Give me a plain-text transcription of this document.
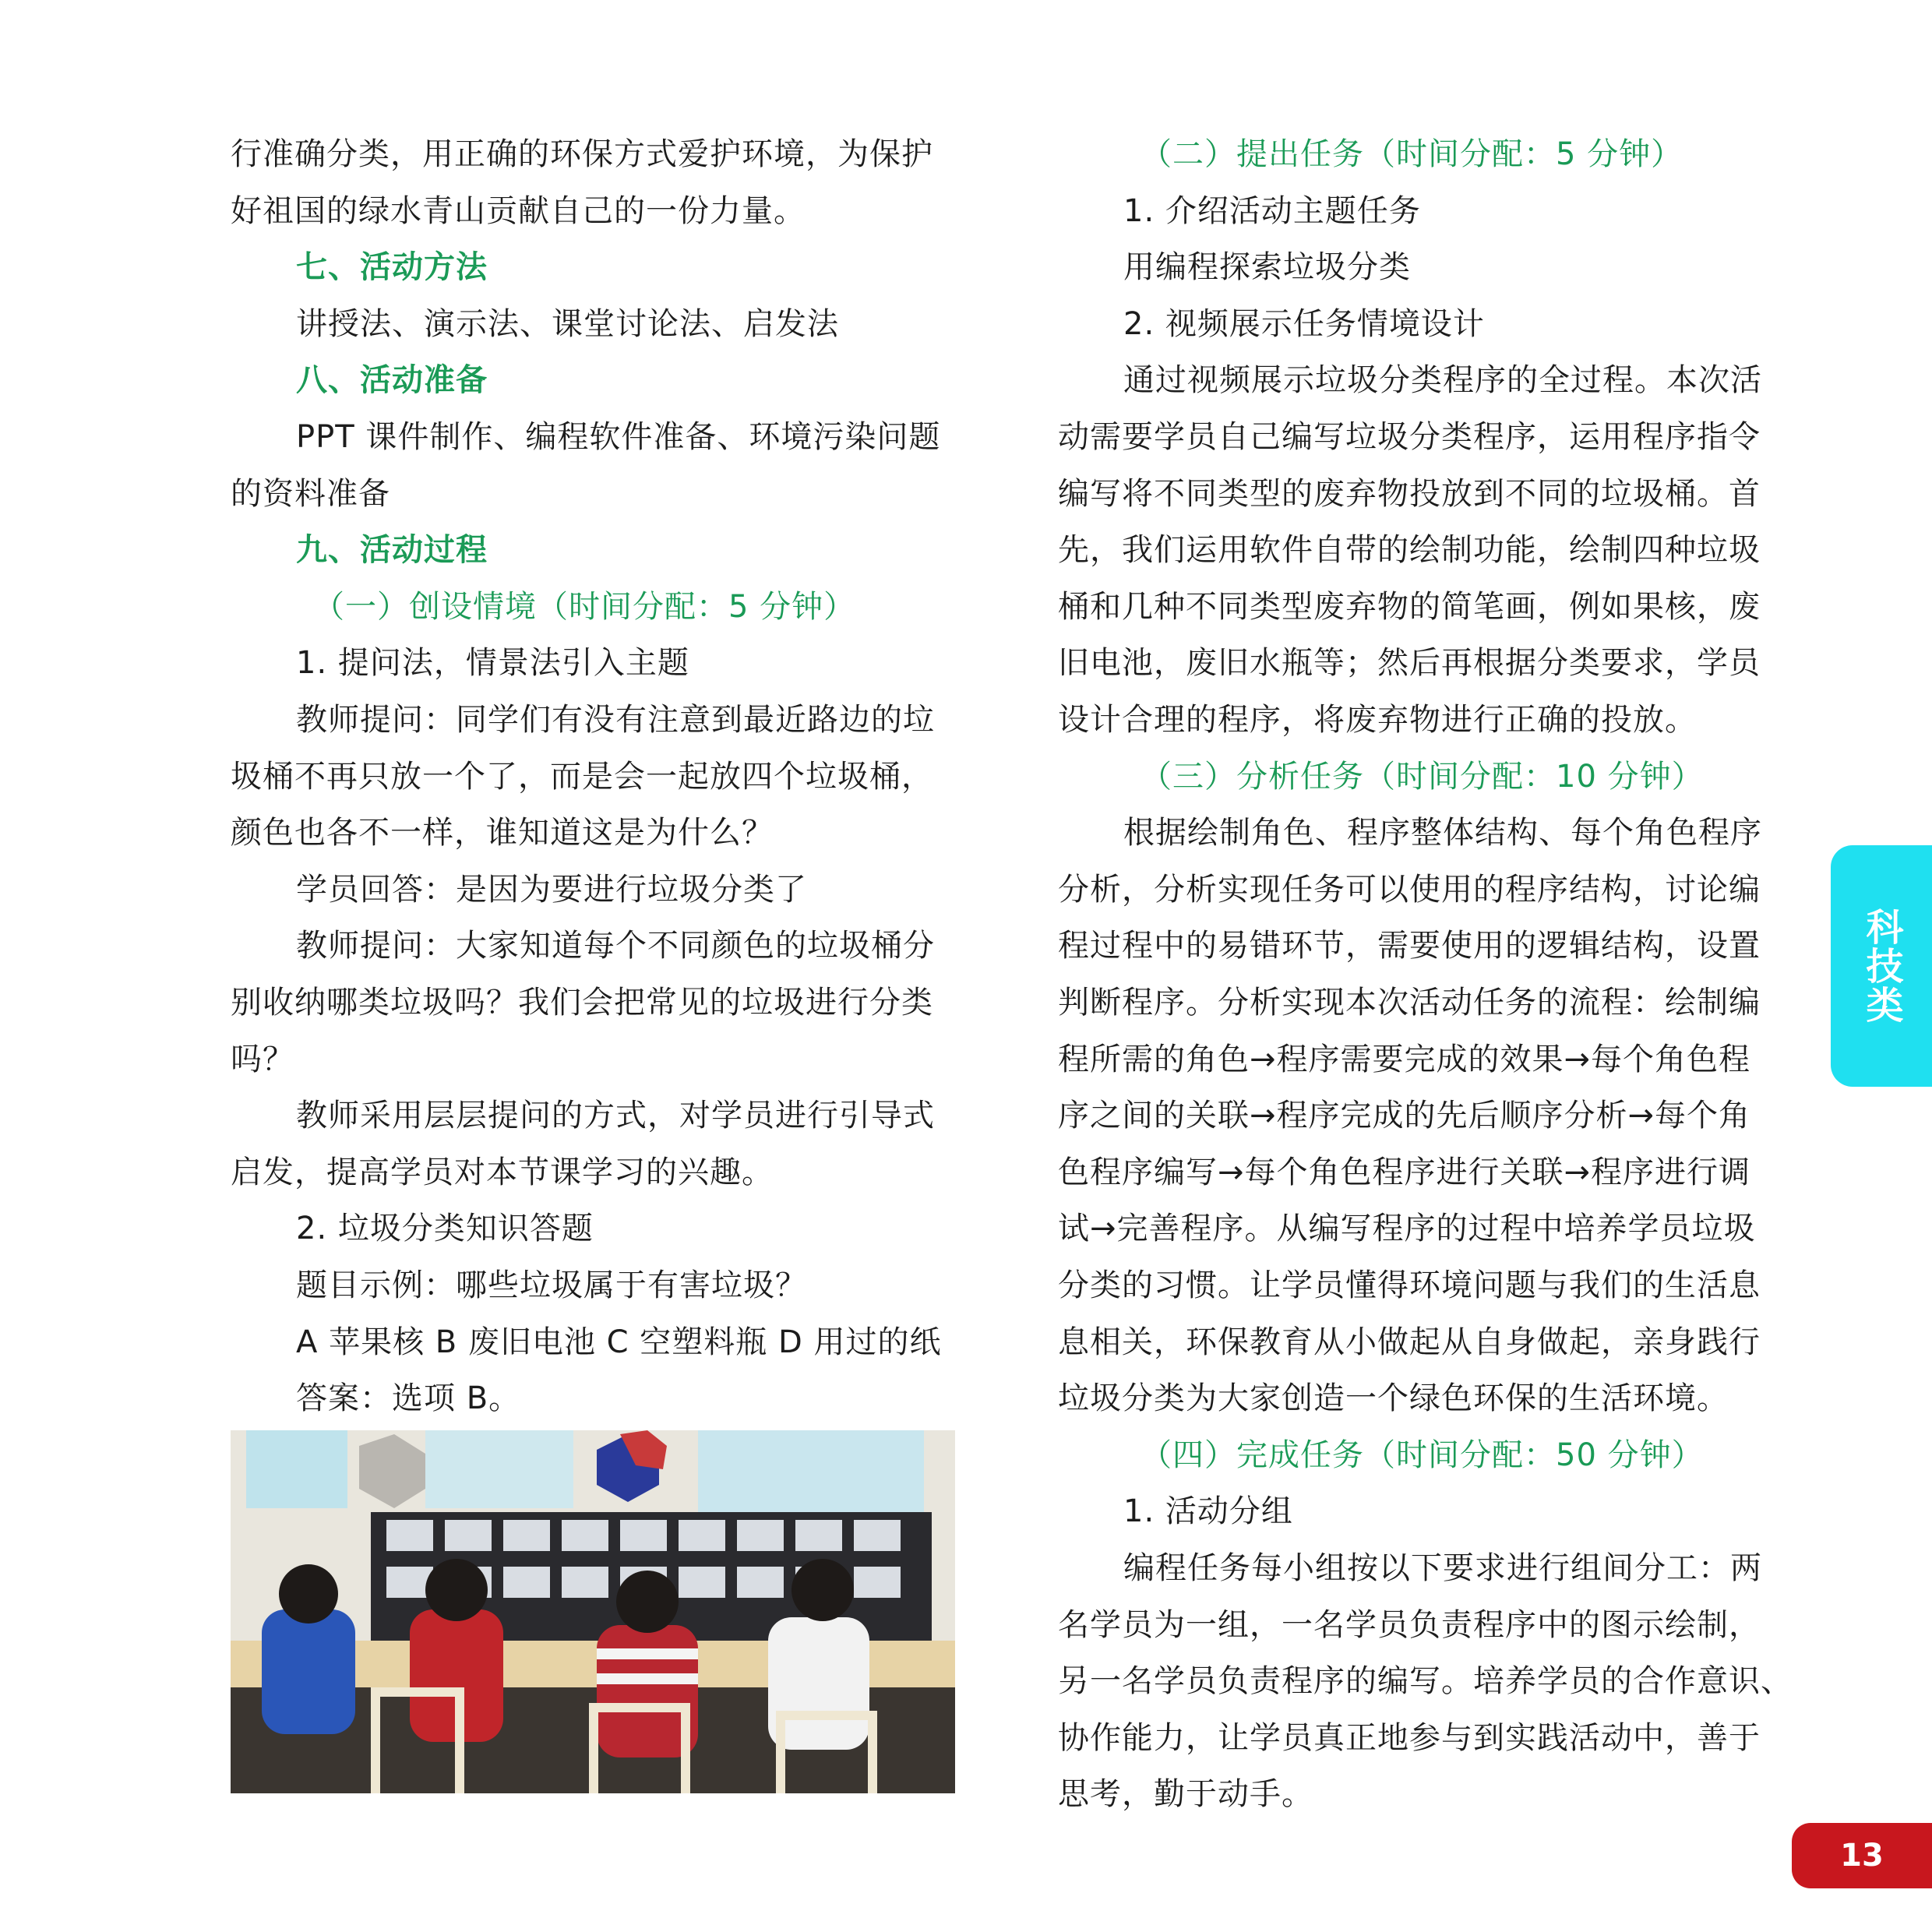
行准确分类，用正确的环保方式爱护环境，为保护
好祖国的绿水青山贡献自己的一份力量。
七、活动方法
讲授法、演示法、课堂讨论法、启发法
八、活动准备
PPT 课件制作、编程软件准备、环境污染问题
的资料准备
九、活动过程
（一）创设情境（时间分配：5 分钟）
1. 提问法，情景法引入主题
教师提问：同学们有没有注意到最近路边的垃
圾桶不再只放一个了，而是会一起放四个垃圾桶，
颜色也各不一样，谁知道这是为什么？
学员回答：是因为要进行垃圾分类了
教师提问：大家知道每个不同颜色的垃圾桶分
别收纳哪类垃圾吗？我们会把常见的垃圾进行分类
吗？
教师采用层层提问的方式，对学员进行引导式
启发，提高学员对本节课学习的兴趣。
2. 垃圾分类知识答题
题目示例：哪些垃圾属于有害垃圾？
A 苹果核 B 废旧电池 C 空塑料瓶 D 用过的纸
答案：选项 B。
（二）提出任务（时间分配：5 分钟）
1. 介绍活动主题任务
用编程探索垃圾分类
2. 视频展示任务情境设计
通过视频展示垃圾分类程序的全过程。本次活
动需要学员自己编写垃圾分类程序，运用程序指令
编写将不同类型的废弃物投放到不同的垃圾桶。首
先，我们运用软件自带的绘制功能，绘制四种垃圾
桶和几种不同类型废弃物的简笔画，例如果核，废
旧电池，废旧水瓶等；然后再根据分类要求，学员
设计合理的程序，将废弃物进行正确的投放。
（三）分析任务（时间分配：10 分钟）
根据绘制角色、程序整体结构、每个角色程序
分析，分析实现任务可以使用的程序结构，讨论编
程过程中的易错环节，需要使用的逻辑结构，设置
判断程序。分析实现本次活动任务的流程：绘制编
程所需的角色→程序需要完成的效果→每个角色程
序之间的关联→程序完成的先后顺序分析→每个角
色程序编写→每个角色程序进行关联→程序进行调
试→完善程序。从编写程序的过程中培养学员垃圾
分类的习惯。让学员懂得环境问题与我们的生活息
息相关，环保教育从小做起从自身做起，亲身践行
垃圾分类为大家创造一个绿色环保的生活环境。
（四）完成任务（时间分配：50 分钟）
1. 活动分组
编程任务每小组按以下要求进行组间分工：两
名学员为一组，一名学员负责程序中的图示绘制，
另一名学员负责程序的编写。培养学员的合作意识、
协作能力，让学员真正地参与到实践活动中，善于
思考，勤于动手。
科技类
13
